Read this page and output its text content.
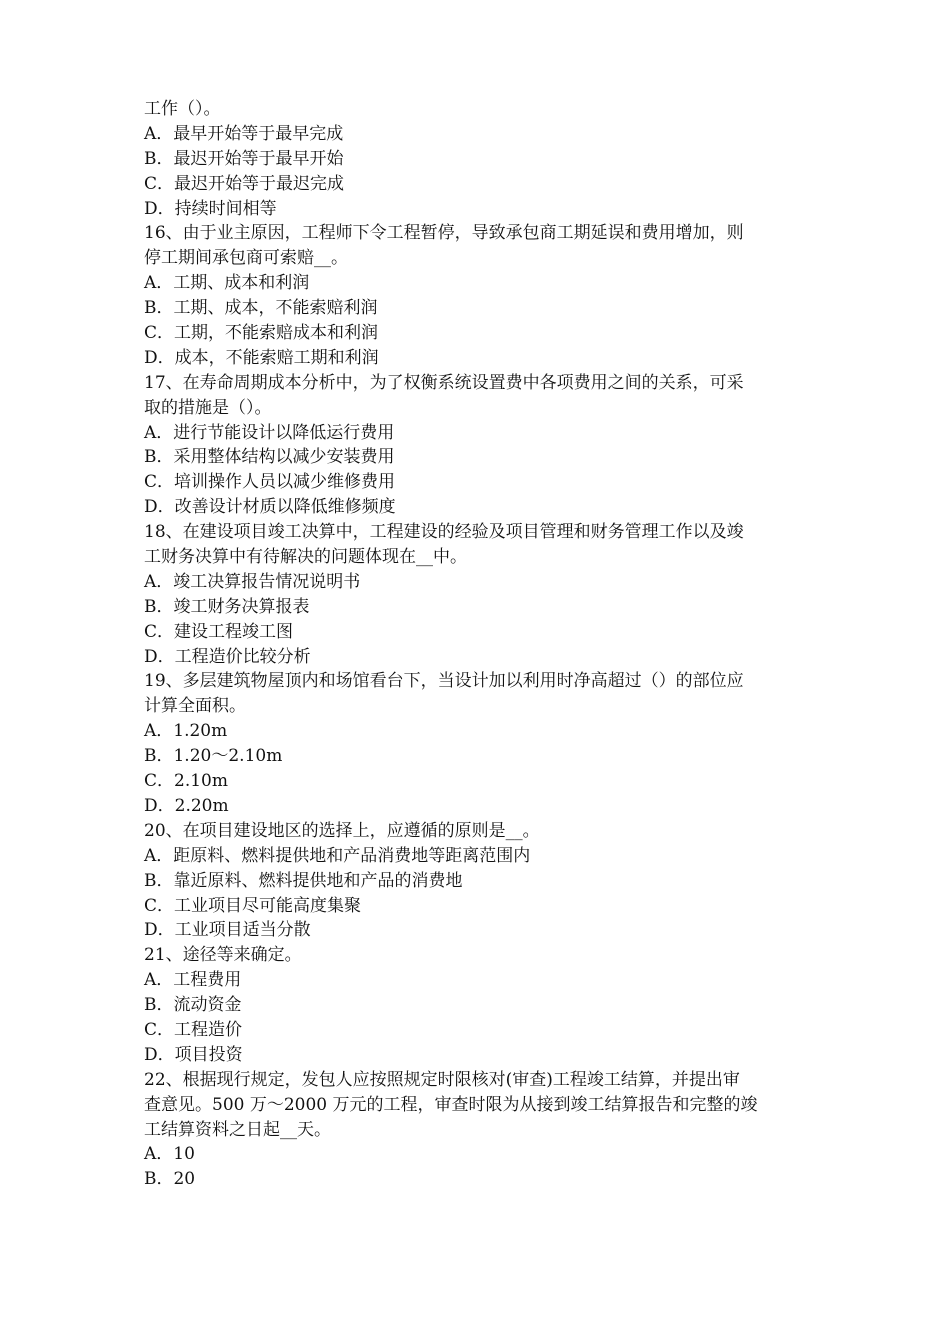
工作（）。
A．最早开始等于最早完成
B．最迟开始等于最早开始
C．最迟开始等于最迟完成
D．持续时间相等
16、由于业主原因，工程师下令工程暂停，导致承包商工期延误和费用增加，则
停工期间承包商可索赔__。
A．工期、成本和利润
B．工期、成本，不能索赔利润
C．工期，不能索赔成本和利润
D．成本，不能索赔工期和利润
17、在寿命周期成本分析中，为了权衡系统设置费中各项费用之间的关系，可采
取的措施是（）。
A．进行节能设计以降低运行费用
B．采用整体结构以减少安装费用
C．培训操作人员以减少维修费用
D．改善设计材质以降低维修频度
18、在建设项目竣工决算中，工程建设的经验及项目管理和财务管理工作以及竣
工财务决算中有待解决的问题体现在__中。
A．竣工决算报告情况说明书
B．竣工财务决算报表
C．建设工程竣工图
D．工程造价比较分析
19、多层建筑物屋顶内和场馆看台下，当设计加以利用时净高超过（）的部位应
计算全面积。
A．1.20m
B．1.20～2.10m
C．2.10m
D．2.20m
20、在项目建设地区的选择上，应遵循的原则是__。
A．距原料、燃料提供地和产品消费地等距离范围内
B．靠近原料、燃料提供地和产品的消费地
C．工业项目尽可能高度集聚
D．工业项目适当分散
21、途径等来确定。
A．工程费用
B．流动资金
C．工程造价
D．项目投资
22、根据现行规定，发包人应按照规定时限核对(审查)工程竣工结算，并提出审
查意见。500 万～2000 万元的工程，审查时限为从接到竣工结算报告和完整的竣
工结算资料之日起__天。
A．10
B．20
